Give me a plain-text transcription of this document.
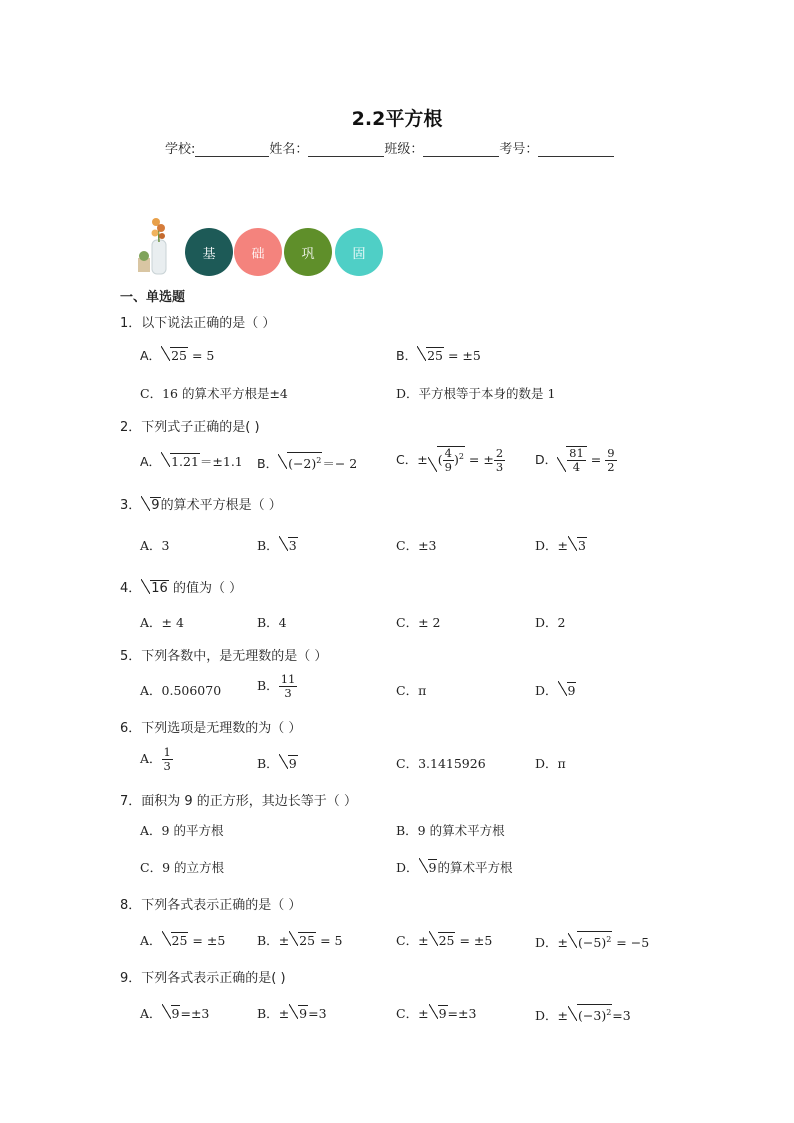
2.2平方根
学校:	姓名：	班级：	考号：
基	础	巩	固
一、单选题
1．以下说法正确的是（ ）
A． 25 = 5	B． 25 = ±5
C．16 的算术平方根是±4	D．平方根等于本身的数是 1
2．下列式子正确的是( )
A． 1.21＝±1.1 B． $(-2)^2=- 2$	C．± ( $\frac{4}{9} )^2$ = ± $\frac{2}{3}$ D． $\frac{81}{4} = \frac{9}{2}$
3． 9的算术平方根是（ ）
A．3	B． 3	C．±3	D．± 3
4． 16 的值为（ ）
A．± 4	B．4	C．± 2	D．2
5．下列各数中，是无理数的是（ ）
A．0.506070	B． $\frac{11}{3}$	C．π	D． 9
6．下列选项是无理数的为（ ）
A． $\frac{1}{3}$	B． 9	C．3.1415926	D．π
7．面积为 9 的正方形，其边长等于（ ）
A．9 的平方根	B．9 的算术平方根
C．9 的立方根	D． 9的算术平方根
8．下列各式表示正确的是（ ）
A． 25 = ±5	B．± 25 = 5	C．± 25 = ±5	D．± $(-5)^2 = -5$
9．下列各式表示正确的是( )
A． 9=±3	B．± 9=3	C．± 9=±3	D．± $(-3)^2=3$
